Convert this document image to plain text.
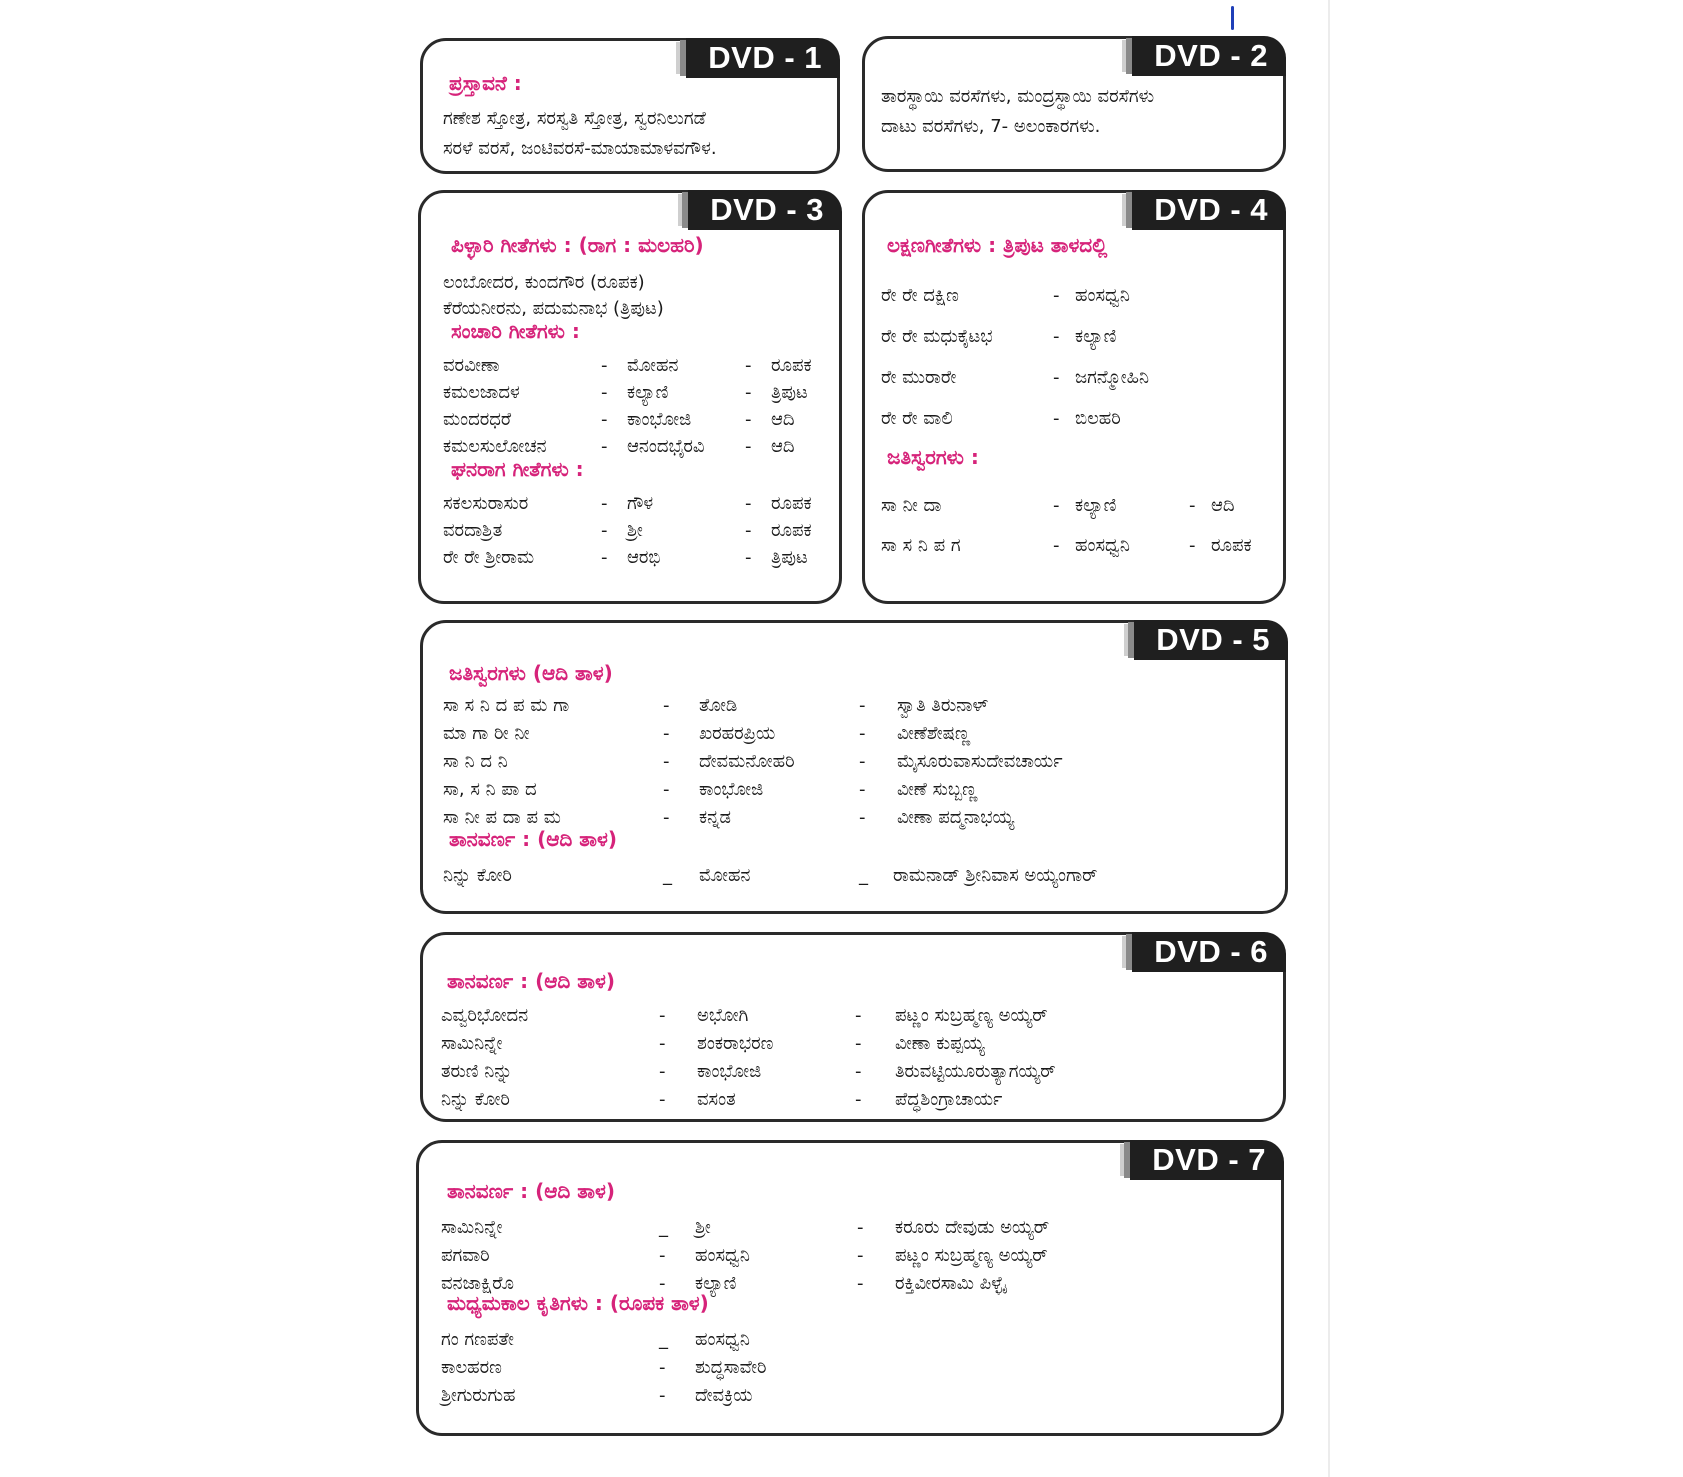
DVD - 1
ಪ್ರಸ್ತಾವನೆ :
ಗಣೇಶ ಸ್ತೋತ್ರ, ಸರಸ್ವತಿ ಸ್ತೋತ್ರ, ಸ್ವರನಿಲುಗಡೆ
ಸರಳೆ ವರಸೆ, ಜಂಟಿವರಸೆ-ಮಾಯಾಮಾಳವಗೌಳ.
DVD - 2
ತಾರಸ್ಥಾಯಿ ವರಸೆಗಳು, ಮಂದ್ರಸ್ಥಾಯಿ ವರಸೆಗಳು
ದಾಟು ವರಸೆಗಳು, 7- ಅಲಂಕಾರಗಳು.
DVD - 3
ಪಿಳ್ಳಾರಿ ಗೀತೆಗಳು : (ರಾಗ : ಮಲಹರಿ)
ಲಂಬೋದರ, ಕುಂದಗೌರ (ರೂಪಕ)
ಕೆರೆಯನೀರನು, ಪದುಮನಾಭ (ತ್ರಿಪುಟ)
ಸಂಚಾರಿ ಗೀತೆಗಳು :
ವರವೀಣಾ	- ಮೋಹನ	- ರೂಪಕ
ಕಮಲಜಾದಳ	- ಕಲ್ಯಾಣಿ	- ತ್ರಿಪುಟ
ಮಂದರಧರೆ	- ಕಾಂಭೋಜಿ	- ಆದಿ
ಕಮಲಸುಲೋಚನ	- ಆನಂದಭೈರವಿ - ಆದಿ
ಘನರಾಗ ಗೀತೆಗಳು :
ಸಕಲಸುರಾಸುರ	- ಗೌಳ	- ರೂಪಕ
ವರದಾಶ್ರಿತ	- ಶ್ರೀ	- ರೂಪಕ
ರೇ ರೇ ಶ್ರೀರಾಮ	- ಆರಭಿ	- ತ್ರಿಪುಟ
DVD - 4
ಲಕ್ಷಣಗೀತೆಗಳು : ತ್ರಿಪುಟ ತಾಳದಲ್ಲಿ
ರೇ ರೇ ದಕ್ಷಿಣ	- ಹಂಸಧ್ವನಿ
ರೇ ರೇ ಮಧುಕೈಟಭ	- ಕಲ್ಯಾಣಿ
ರೇ ಮುರಾರೇ	- ಜಗನ್ಮೋಹಿನಿ
ರೇ ರೇ ವಾಲಿ	- ಬಿಲಹರಿ
ಜತಿಸ್ವರಗಳು :
ಸಾ ನೀ ದಾ	- ಕಲ್ಯಾಣಿ	- ಆದಿ
ಸಾ ಸ ನಿ ಪ ಗ	- ಹಂಸಧ್ವನಿ	- ರೂಪಕ
DVD - 5
ಜತಿಸ್ವರಗಳು (ಆದಿ ತಾಳ)
ಸಾ ಸ ನಿ ದ ಪ ಮ ಗಾ	- ತೋಡಿ	- ಸ್ವಾತಿ ತಿರುನಾಳ್
ಮಾ ಗಾ ರೀ ನೀ	- ಖರಹರಪ್ರಿಯ	- ವೀಣೆಶೇಷಣ್ಣ
ಸಾ ನಿ ದ ನಿ	- ದೇವಮನೋಹರಿ	- ಮೈಸೂರುವಾಸುದೇವಚಾರ್ಯ
ಸಾ, ಸ ನಿ ಪಾ ದ	- ಕಾಂಭೋಜಿ	- ವೀಣೆ ಸುಬ್ಬಣ್ಣ
ಸಾ ನೀ ಪ ದಾ ಪ ಮ	- ಕನ್ನಡ	- ವೀಣಾ ಪದ್ಮನಾಭಯ್ಯ
ತಾನವರ್ಣ : (ಆದಿ ತಾಳ)
ನಿನ್ನು ಕೋರಿ	_ ಮೋಹನ	_ ರಾಮನಾಡ್ ಶ್ರೀನಿವಾಸ ಅಯ್ಯಂಗಾರ್
DVD - 6
ತಾನವರ್ಣ : (ಆದಿ ತಾಳ)
ಎವ್ವರಿಭೋದನ	- ಅಭೋಗಿ	- ಪಟ್ಣಂ ಸುಬ್ರಹ್ಮಣ್ಯ ಅಯ್ಯರ್
ಸಾಮಿನಿನ್ನೇ	- ಶಂಕರಾಭರಣ	- ವೀಣಾ ಕುಪ್ಪಯ್ಯ
ತರುಣಿ ನಿನ್ನು	- ಕಾಂಭೋಜಿ	- ತಿರುವಟ್ಟಿಯೂರುತ್ಯಾಗಯ್ಯರ್
ನಿನ್ನು ಕೋರಿ	- ವಸಂತ	- ಪೆದ್ಧಶಿಂಗ್ರಾಚಾರ್ಯ
DVD - 7
ತಾನವರ್ಣ : (ಆದಿ ತಾಳ)
ಸಾಮಿನಿನ್ನೇ	_ ಶ್ರೀ	- ಕರೂರು ದೇವುಡು ಅಯ್ಯರ್
ಪಗವಾರಿ	- ಹಂಸಧ್ವನಿ	- ಪಟ್ಣಂ ಸುಬ್ರಹ್ಮಣ್ಯ ಅಯ್ಯರ್
ವನಜಾಕ್ಷಿರೊ	- ಕಲ್ಯಾಣಿ	- ರಕ್ತಿವೀರಸಾಮಿ ಪಿಳ್ಳೈ
ಮಧ್ಯಮಕಾಲ ಕೃತಿಗಳು : (ರೂಪಕ ತಾಳ)
ಗಂ ಗಣಪತೇ	_ ಹಂಸಧ್ವನಿ
ಕಾಲಹರಣ	- ಶುದ್ಧಸಾವೇರಿ
ಶ್ರೀಗುರುಗುಹ	- ದೇವಕ್ರಿಯ
